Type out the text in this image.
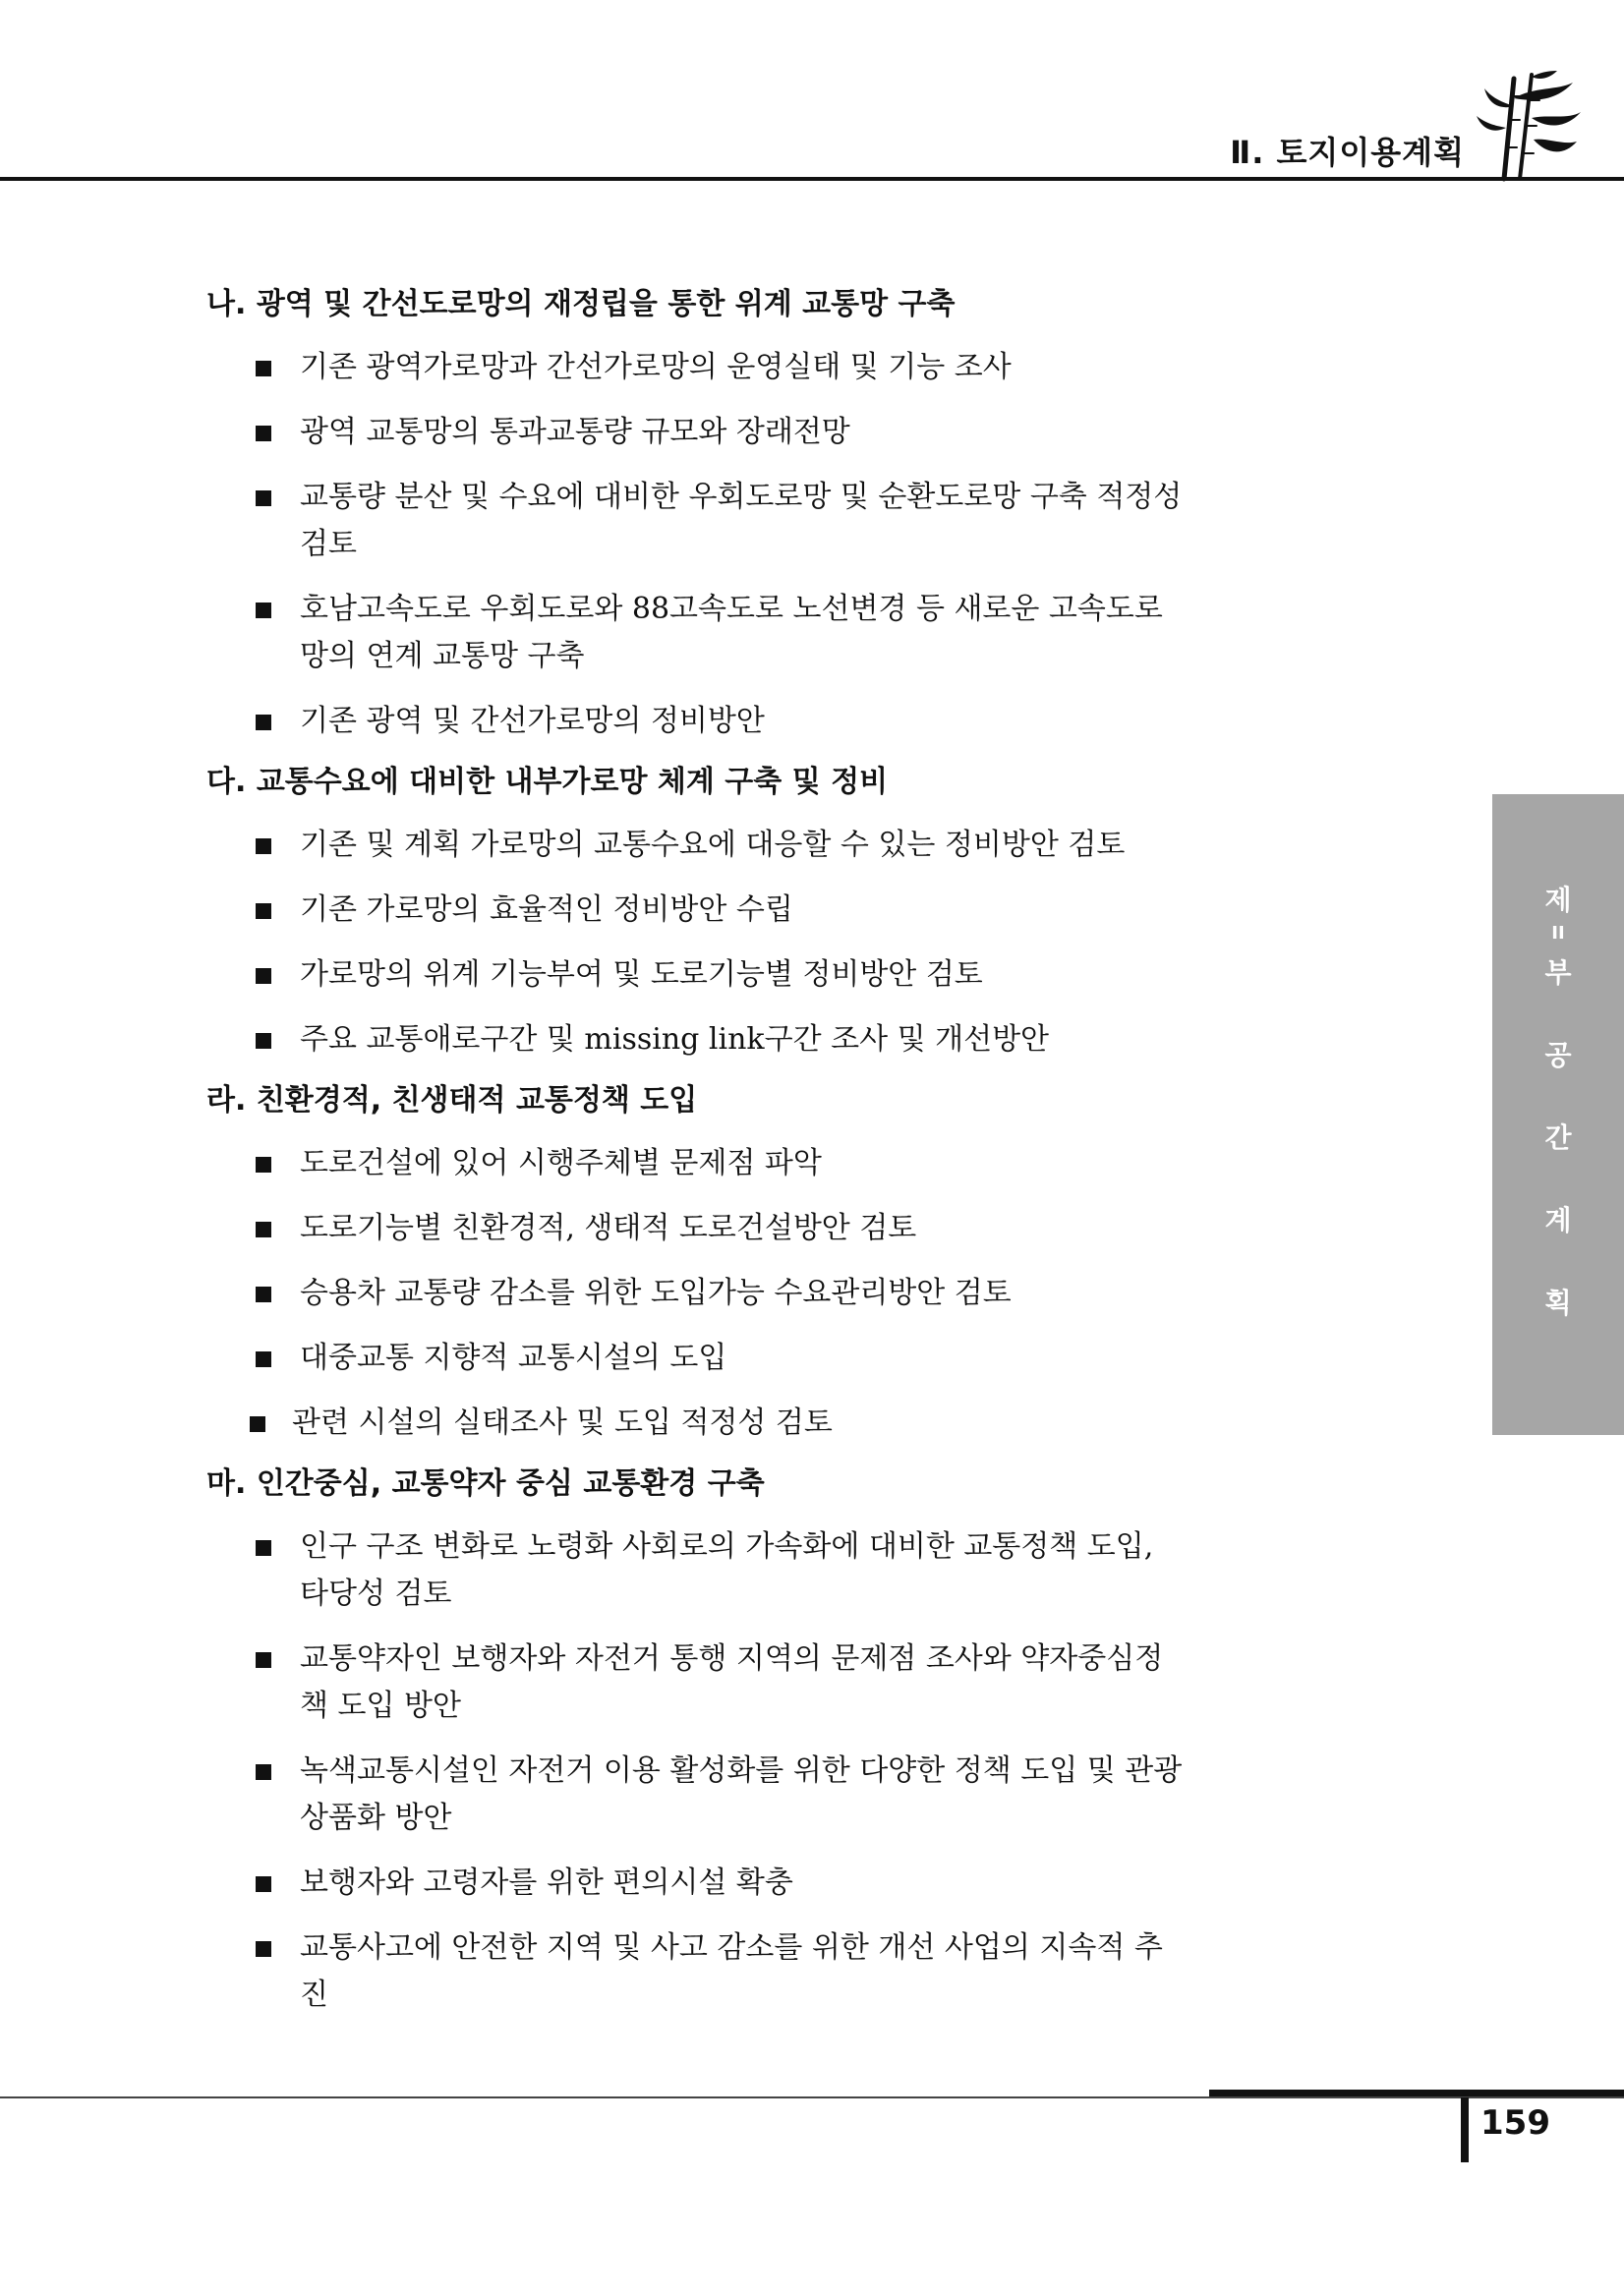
Ⅱ. 토지이용계획
제
II
부
공
간
계
획
나. 광역 및 간선도로망의 재정립을 통한 위계 교통망 구축
기존 광역가로망과 간선가로망의 운영실태 및 기능 조사
광역 교통망의 통과교통량 규모와 장래전망
교통량 분산 및 수요에 대비한 우회도로망 및 순환도로망 구축 적정성 검토
호남고속도로 우회도로와 88고속도로 노선변경 등 새로운 고속도로망의 연계 교통망 구축
기존 광역 및 간선가로망의 정비방안
다. 교통수요에 대비한 내부가로망 체계 구축 및 정비
기존 및 계획 가로망의 교통수요에 대응할 수 있는 정비방안 검토
기존 가로망의 효율적인 정비방안 수립
가로망의 위계 기능부여 및 도로기능별 정비방안 검토
주요 교통애로구간 및 missing link구간 조사 및 개선방안
라. 친환경적, 친생태적 교통정책 도입
도로건설에 있어 시행주체별 문제점 파악
도로기능별 친환경적, 생태적 도로건설방안 검토
승용차 교통량 감소를 위한 도입가능 수요관리방안 검토
대중교통 지향적 교통시설의 도입
관련 시설의 실태조사 및 도입 적정성 검토
마. 인간중심, 교통약자 중심 교통환경 구축
인구 구조 변화로 노령화 사회로의 가속화에 대비한 교통정책 도입, 타당성 검토
교통약자인 보행자와 자전거 통행 지역의 문제점 조사와 약자중심정책 도입 방안
녹색교통시설인 자전거 이용 활성화를 위한 다양한 정책 도입 및 관광 상품화 방안
보행자와 고령자를 위한 편의시설 확충
교통사고에 안전한 지역 및 사고 감소를 위한 개선 사업의 지속적 추진
159
